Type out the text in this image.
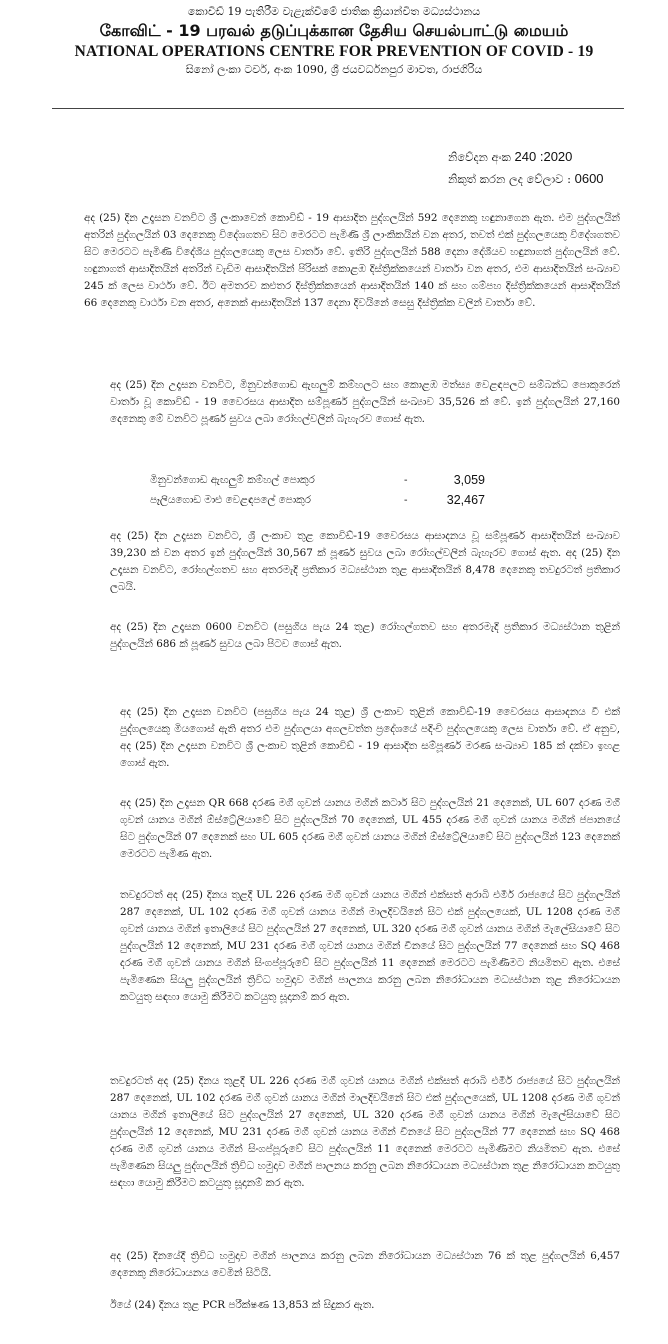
කොවිඩ් 19 පැතිරීම වැළැක්වීමේ ජාතික ක්‍රියාන්විත මධ්‍යස්ථානය
கோவிட் - 19 பரவல் தடுப்புக்கான தேசிய செயல்பாட்டு மையம்
NATIONAL OPERATIONS CENTRE FOR PREVENTION OF COVID - 19
සිනෝ ලංකා ටවර්, අංක 1090, ශ්‍රී ජයවර්ධනපුර මාවත, රාජගිරිය
නිවේදන අංක 240 :2020
නිකුත් කරන ලද වේලාව : 0600
අද (25) දින උදෑසන වනවිට ශ්‍රී ලංකාවෙන් කොවිඩ් - 19 ආසාදිත පුද්ගලයින් 592 දෙනෙකු හඳුනාගෙන ඇත. එම පුද්ගලයින් අතරින් පුද්ගලයින් 03 දෙනෙකු විදේශගතව සිට මෙරටට පැමිණි ශ්‍රී ලාංකිකයින් වන අතර, තවත් එක් පුද්ගලයෙකු විදේශගතව සිට මෙරටට පැමිණි විදේශිය පුද්ගලයෙකු ලෙස වාර්තා වේ. ඉතිරි පුද්ගලයින් 588 දෙනා දේශීයව හඳුනාගත් පුද්ගලයින් වේ. හඳුනාගත් ආසාදිතයින් අතරින් වැඩිම ආසාදිතයින් පිරිසක් කොළඹ දිස්ත්‍රික්කයෙන් වාර්තා වන අතර, එම ආසාදිතයින් සංඛ්‍යාව 245 ක් ලෙස වාර්ථා වේ. ඊට අමතරව කළුතර දිස්ත්‍රික්කයෙන් ආසාදිතයින් 140 ක් සහ ගම්පහ දිස්ත්‍රික්කයෙන් ආසාදිතයින් 66 දෙනෙකු වාර්ථා වන අතර, අනෙක් ආසාදිතයින් 137 දෙනා දිවයිනේ සෙසු දිස්ත්‍රික්ක වලින් වාර්තා වේ.
අද (25) දින උදෑසන වනවිට, මිනුවන්ගොඩ ඇඟලුම් කම්හලට සහ කොළඹ මත්ස්‍ය වෙළඳපලට සම්බන්ධ පොකුරෙන් වාර්තා වූ කොවිඩ් - 19 වෛරසය ආසාදිත සම්පූර්ණ පුද්ගලයින් සංඛ්‍යාව 35,526 ක් වේ. ඉන් පුද්ගලයින් 27,160 දෙනෙකු මේ වනවිට පූර්ණ සුවය ලබා රෝහල්වලින් බැහැරව ගොස් ඇත.
මිනුවන්ගොඩ ඇඟලුම් කම්හල් පොකුර	-	3,059
පෑලියගොඩ මාළු වෙළඳපලේ පොකුර	-	32,467
අද (25) දින උදෑසන වනවිට, ශ්‍රී ලංකාව තුළ කොවිඩ්-19 වෛරසය ආසාදනය වූ සම්පූර්ණ ආසාදිතයින් සංඛ්‍යාව 39,230 ක් වන අතර ඉන් පුද්ගලයින් 30,567 ක් පූර්ණ සුවය ලබා රෝහල්වලින් බැහැරව ගොස් ඇත. අද (25) දින උදෑසන වනවිට, රෝහල්ගතව සහ අතරමැදි ප්‍රතිකාර මධ්‍යස්ථාන තුළ ආසාදිතයින් 8,478 දෙනෙකු තවදුරටත් ප්‍රතිකාර ලබයි.
අද (25) දින උදෑසන 0600 වනවිට (පසුගිය පැය 24 තුළ) රෝහල්ගතව සහ අතරමැදි ප්‍රතිකාර මධ්‍යස්ථාන තුළින් පුද්ගලයින් 686 ක් පූර්ණ සුවය ලබා පිටව ගොස් ඇත.
අද (25) දින උදෑසන වනවිට (පසුගිය පැය 24 තුළ) ශ්‍රී ලංකාව තුළින් කොවිඩ්-19 වෛරසය ආසාදනය වී එක් පුද්ගලයෙකු මියගොස් ඇති අතර එම පුද්ගලයා අගලවත්ත ප්‍රදේශයේ පදිංචි පුද්ගලයෙකු ලෙස වාර්තා වේ. ඒ අනුව, අද (25) දින උදෑසන වනවිට ශ්‍රී ලංකාව තුළින් කොවිඩ් - 19 ආසාදිත සම්පූර්ණ මරණ සංඛ්‍යාව 185 ක් දක්වා ඉහළ ගොස් ඇත.
අද (25) දින උදෑසන QR 668 දරණ මගී ගුවන් යානය මගින් කටාර් සිට පුද්ගලයින් 21 දෙනෙක්, UL 607 දරණ මගී ගුවන් යානය මගින් ඕස්ට්‍රේලියාවේ සිට පුද්ගලයින් 70 දෙනෙක්, UL 455 දරණ මගී ගුවන් යානය මගින් ජපානයේ සිට පුද්ගලයින් 07 දෙනෙක් සහ UL 605 දරණ මගී ගුවන් යානය මගින් ඕස්ට්‍රේලියාවේ සිට පුද්ගලයින් 123 දෙනෙක් මෙරටට පැමිණ ඇත.
තවදුරටත් අද (25) දිනය තුළදී UL 226 දරණ මගී ගුවන් යානය මගින් එක්සත් අරාබි එමීර් රාජ්‍යයේ සිට පුද්ගලයින් 287 දෙනෙක්, UL 102 දරණ මගී ගුවන් යානය මගින් මාලදිවයිනේ සිට එක් පුද්ගලයෙක්, UL 1208 දරණ මගී ගුවන් යානය මගින් ඉතාලියේ සිට පුද්ගලයින් 27 දෙනෙක්, UL 320 දරණ මගී ගුවන් යානය මගින් මැලේසියාවේ සිට පුද්ගලයින් 12 දෙනෙක්, MU 231 දරණ මගී ගුවන් යානය මගින් චීනයේ සිට පුද්ගලයින් 77 දෙනෙක් සහ SQ 468 දරණ මගී ගුවන් යානය මගින් සිංගප්පූරුවේ සිට පුද්ගලයින් 11 දෙනෙක් මෙරටට පැමිණීමට නියමිතව ඇත. එසේ පැමිණෙන සියලු පුද්ගලයින් ත්‍රිවිධ හමුදාව මගින් පාලනය කරනු ලබන නිරෝධායන මධ්‍යස්ථාන තුළ නිරෝධායන කටයුතු සඳහා යොමු කිරීමට කටයුතු සූදානම් කර ඇත.
තවදුරටත් අද (25) දිනය තුළදී UL 226 දරණ මගී ගුවන් යානය මගින් එක්සත් අරාබි එමීර් රාජ්‍යයේ සිට පුද්ගලයින් 287 දෙනෙක්, UL 102 දරණ මගී ගුවන් යානය මගින් මාලදිවයිනේ සිට එක් පුද්ගලයෙක්, UL 1208 දරණ මගී ගුවන් යානය මගින් ඉතාලියේ සිට පුද්ගලයින් 27 දෙනෙක්, UL 320 දරණ මගී ගුවන් යානය මගින් මැලේසියාවේ සිට පුද්ගලයින් 12 දෙනෙක්, MU 231 දරණ මගී ගුවන් යානය මගින් චීනයේ සිට පුද්ගලයින් 77 දෙනෙක් සහ SQ 468 දරණ මගී ගුවන් යානය මගින් සිංගප්පූරුවේ සිට පුද්ගලයින් 11 දෙනෙක් මෙරටට පැමිණීමට නියමිතව ඇත. එසේ පැමිණෙන සියලු පුද්ගලයින් ත්‍රිවිධ හමුදාව මගින් පාලනය කරනු ලබන නිරෝධායන මධ්‍යස්ථාන තුළ නිරෝධායන කටයුතු සඳහා යොමු කිරීමට කටයුතු සූදානම් කර ඇත.
අද (25) දිනයේදී ත්‍රිවිධ හමුදාව මගින් පාලනය කරනු ලබන නිරෝධායන මධ්‍යස්ථාන 76 ක් තුළ පුද්ගලයින් 6,457 දෙනෙකු නිරෝධායනය වෙමින් සිටියි.
ඊයේ (24) දිනය තුළ PCR පරීක්ෂණ 13,853 ක් සිදුකර ඇත.
